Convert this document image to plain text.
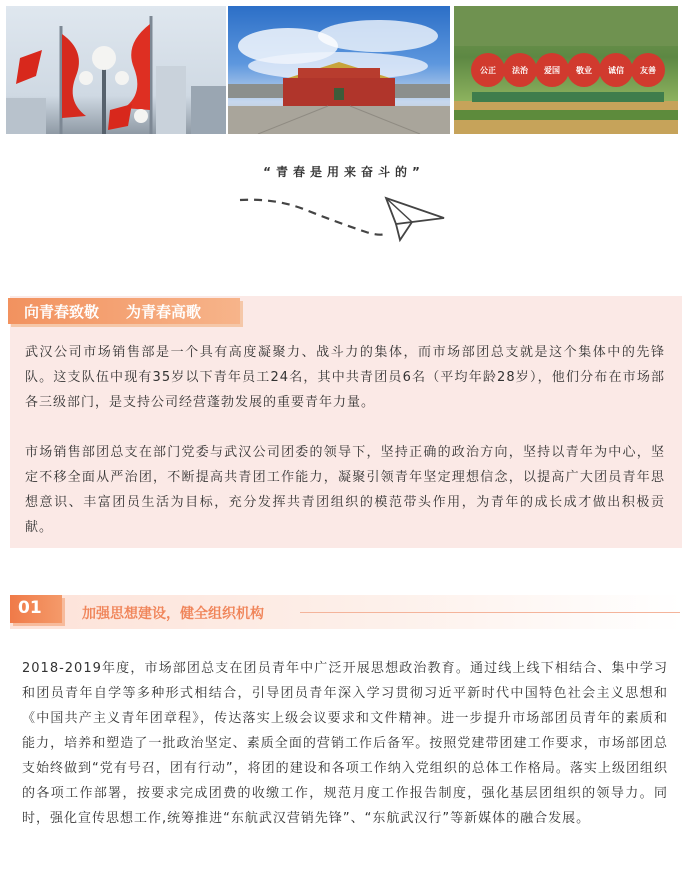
公正 法治 爱国 敬业 诚信 友善
“青春是用来奋斗的”
向青春致敬 为青春高歌
武汉公司市场销售部是一个具有高度凝聚力、战斗力的集体，而市场部团总支就是这个集体中的先锋队。这支队伍中现有35岁以下青年员工24名，其中共青团员6名（平均年龄28岁），他们分布在市场部各三级部门，是支持公司经营蓬勃发展的重要青年力量。
市场销售部团总支在部门党委与武汉公司团委的领导下，坚持正确的政治方向，坚持以青年为中心，坚定不移全面从严治团，不断提高共青团工作能力，凝聚引领青年坚定理想信念，以提高广大团员青年思想意识、丰富团员生活为目标，充分发挥共青团组织的模范带头作用，为青年的成长成才做出积极贡献。
01	加强思想建设，健全组织机构
2018-2019年度，市场部团总支在团员青年中广泛开展思想政治教育。通过线上线下相结合、集中学习和团员青年自学等多种形式相结合，引导团员青年深入学习贯彻习近平新时代中国特色社会主义思想和《中国共产主义青年团章程》，传达落实上级会议要求和文件精神。进一步提升市场部团员青年的素质和能力，培养和塑造了一批政治坚定、素质全面的营销工作后备军。按照党建带团建工作要求，市场部团总支始终做到“党有号召，团有行动”，将团的建设和各项工作纳入党组织的总体工作格局。落实上级团组织的各项工作部署，按要求完成团费的收缴工作，规范月度工作报告制度，强化基层团组织的领导力。同时，强化宣传思想工作,统筹推进“东航武汉营销先锋”、“东航武汉行”等新媒体的融合发展。
